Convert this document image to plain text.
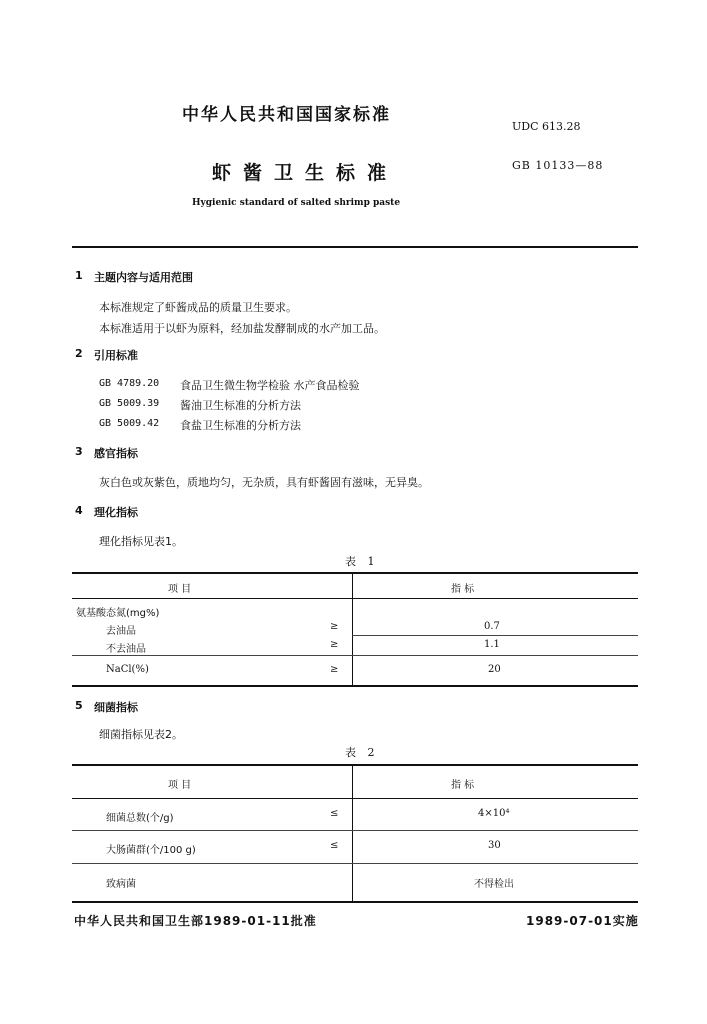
中华人民共和国国家标准
UDC 613.28
虾酱卫生标准	GB 10133—88
Hygienic standard of salted shrimp paste
1 主题内容与适用范围
本标准规定了虾酱成品的质量卫生要求。
本标准适用于以虾为原料，经加盐发酵制成的水产加工品。
2 引用标准
GB 4789.20 食品卫生微生物学检验 水产食品检验
GB 5009.39 酱油卫生标准的分析方法
GB 5009.42 食盐卫生标准的分析方法
3 感官指标
灰白色或灰紫色，质地均匀，无杂质，具有虾酱固有滋味，无异臭。
4 理化指标
理化指标见表1。
表 1
项 目	指 标
氨基酸态氮(mg%)
去油品	≥	0.7
不去油品	≥	1.1
NaCl(%)	≥	20
5 细菌指标
细菌指标见表2。
表 2
项 目	指 标
细菌总数(个/g)	≤	4×10⁴
大肠菌群(个/100 g)	≤	30
致病菌	不得检出
中华人民共和国卫生部1989-01-11批准	1989-07-01实施
